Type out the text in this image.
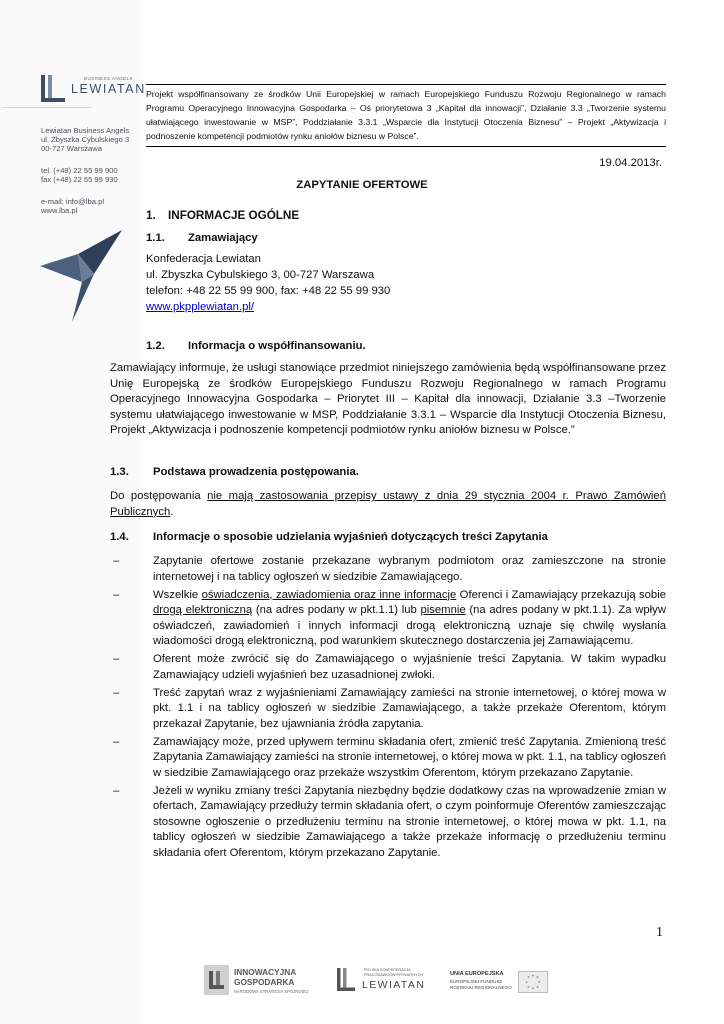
BUSINESS ANGELS
LEWIATAN
Lewiatan Business Angels
ul. Zbyszka Cybulskiego 3
00-727 Warszawa
tel. (+48) 22 55 99 900
fax (+48) 22 55 99 930
e-mail: info@lba.pl
www.lba.pl
Projekt współfinansowany ze środków Unii Europejskiej w ramach Europejskiego Funduszu Rozwoju Regionalnego w ramach Programu Operacyjnego Innowacyjna Gospodarka – Oś priorytetowa 3 „Kapitał dla innowacji”, Działanie 3.3 „Tworzenie systemu ułatwiającego inwestowanie w MSP”, Poddziałanie 3.3.1 „Wsparcie dla Instytucji Otoczenia Biznesu” – Projekt „Aktywizacja i podnoszenie kompetencji podmiotów rynku aniołów biznesu w Polsce”.
19.04.2013r.
ZAPYTANIE OFERTOWE
1. INFORMACJE OGÓLNE
1.1. Zamawiający
Konfederacja Lewiatan
ul. Zbyszka Cybulskiego 3, 00-727 Warszawa
telefon: +48 22 55 99 900, fax: +48 22 55 99 930
www.pkpplewiatan.pl/
1.2. Informacja o współfinansowaniu.
Zamawiający informuje, że usługi stanowiące przedmiot niniejszego zamówienia będą współfinansowane przez Unię Europejską ze środków Europejskiego Funduszu Rozwoju Regionalnego w ramach Programu Operacyjnego Innowacyjna Gospodarka – Priorytet III – Kapitał dla innowacji, Działanie 3.3 –Tworzenie systemu ułatwiającego inwestowanie w MSP, Poddziałanie 3.3.1 – Wsparcie dla Instytucji Otoczenia Biznesu, Projekt „Aktywizacja i podnoszenie kompetencji podmiotów rynku aniołów biznesu w Polsce.”
1.3. Podstawa prowadzenia postępowania.
Do postępowania nie mają zastosowania przepisy ustawy z dnia 29 stycznia 2004 r. Prawo Zamówień Publicznych.
1.4. Informacje o sposobie udzielania wyjaśnień dotyczących treści Zapytania
–	Zapytanie ofertowe zostanie przekazane wybranym podmiotom oraz zamieszczone na stronie internetowej i na tablicy ogłoszeń w siedzibie Zamawiającego.
–	Wszelkie oświadczenia, zawiadomienia oraz inne informacje Oferenci i Zamawiający przekazują sobie drogą elektroniczną (na adres podany w pkt.1.1) lub pisemnie (na adres podany w pkt.1.1). Za wpływ oświadczeń, zawiadomień i innych informacji drogą elektroniczną uznaje się chwilę wysłania wiadomości drogą elektroniczną, pod warunkiem skutecznego dostarczenia jej Zamawiającemu.
–	Oferent może zwrócić się do Zamawiającego o wyjaśnienie treści Zapytania. W takim wypadku Zamawiający udzieli wyjaśnień bez uzasadnionej zwłoki.
–	Treść zapytań wraz z wyjaśnieniami Zamawiający zamieści na stronie internetowej, o której mowa w pkt. 1.1 i na tablicy ogłoszeń w siedzibie Zamawiającego, a także przekaże Oferentom, którym przekazał Zapytanie, bez ujawniania źródła zapytania.
–	Zamawiający może, przed upływem terminu składania ofert, zmienić treść Zapytania. Zmienioną treść Zapytania Zamawiający zamieści na stronie internetowej, o której mowa w pkt. 1.1, na tablicy ogłoszeń w siedzibie Zamawiającego oraz przekaże wszystkim Oferentom, którym przekazano Zapytanie.
–	Jeżeli w wyniku zmiany treści Zapytania niezbędny będzie dodatkowy czas na wprowadzenie zmian w ofertach, Zamawiający przedłuży termin składania ofert, o czym poinformuje Oferentów zamieszczając stosowne ogłoszenie o przedłużeniu terminu na stronie internetowej, o której mowa w pkt. 1.1, na tablicy ogłoszeń w siedzibie Zamawiającego a także przekaże informację o przedłużeniu terminu składania ofert Oferentom, którym przekazano Zapytanie.
1
INNOWACYJNA
GOSPODARKA
NARODOWA STRATEGIA SPÓJNOŚCI
POLSKA KONFEDERACJA
PRACODAWCÓW PRYWATNYCH
LEWIATAN
UNIA EUROPEJSKA
EUROPEJSKI FUNDUSZ
ROZWOJU REGIONALNEGO
